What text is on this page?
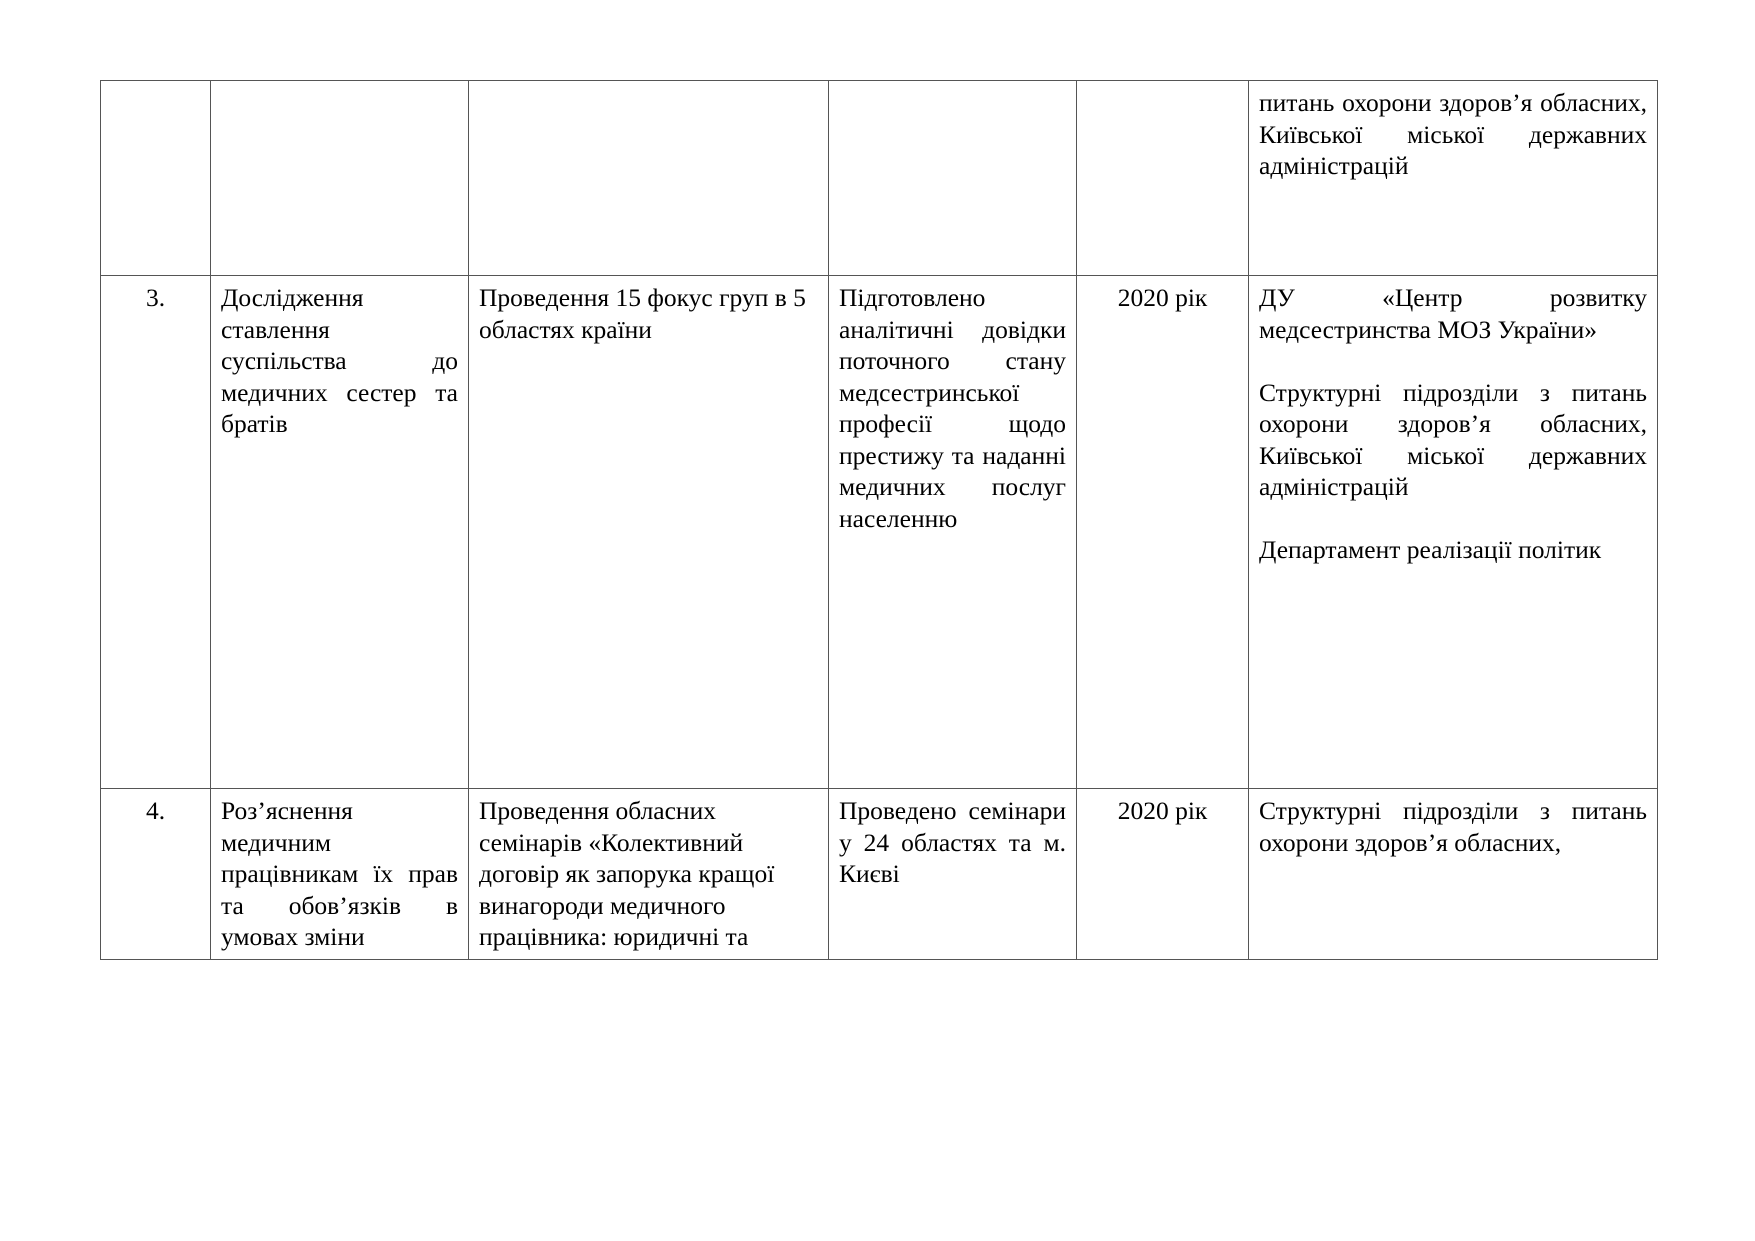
					питань охорони здоров’я обласних, Київської міської державних адміністрацій
3.	Дослідження ставлення суспільства до медичних сестер та братів	Проведення 15 фокус груп в 5 областях країни	Підготовлено аналітичні довідки поточного стану медсестринської професії щодо престижу та наданні медичних послуг населенню	2020 рік	ДУ «Центр розвитку медсестринства МОЗ України»

Структурні підрозділи з питань охорони здоров’я обласних, Київської міської державних адміністрацій

Департамент реалізації політик

4.	Роз’яснення медичним працівникам їх прав та обов’язків в умовах зміни	Проведення обласних семінарів «Колективний договір як запорука кращої винагороди медичного працівника: юридичні та	Проведено семінари у 24 областях та м. Києві	2020 рік	Структурні підрозділи з питань охорони здоров’я обласних,
